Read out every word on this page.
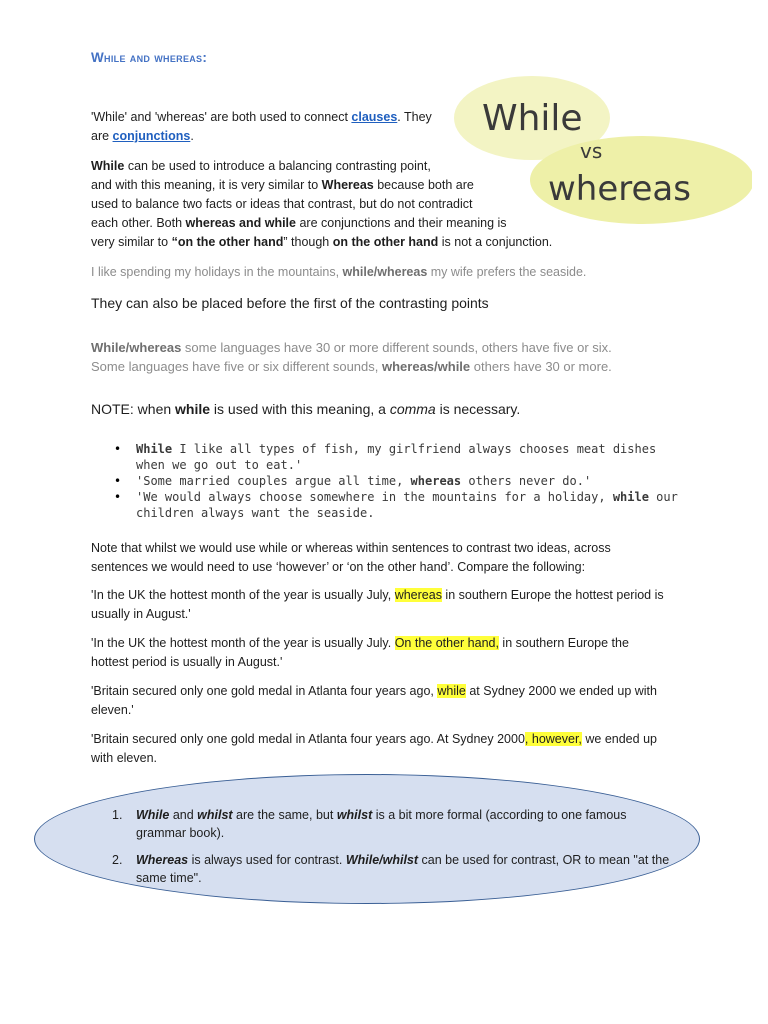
While and whereas:
While
vs
whereas
'While' and 'whereas' are both used to connect clauses. They
are conjunctions.
While can be used to introduce a balancing contrasting point,
and with this meaning, it is very similar to Whereas because both are
used to balance two facts or ideas that contrast, but do not contradict
each other. Both whereas and while are conjunctions and their meaning is
very similar to “on the other hand” though on the other hand is not a conjunction.
I like spending my holidays in the mountains, while/whereas my wife prefers the seaside.
They can also be placed before the first of the contrasting points
While/whereas some languages have 30 or more different sounds, others have five or six.
Some languages have five or six different sounds, whereas/while others have 30 or more.
NOTE: when while is used with this meaning, a comma is necessary.
• While I like all types of fish, my girlfriend always chooses meat dishes when we go out to eat.'
• 'Some married couples argue all time, whereas others never do.'
• 'We would always choose somewhere in the mountains for a holiday, while our children always want the seaside.
Note that whilst we would use while or whereas within sentences to contrast two ideas, across
sentences we would need to use ‘however’ or ‘on the other hand’. Compare the following:
'In the UK the hottest month of the year is usually July, whereas in southern Europe the hottest period is
usually in August.'
'In the UK the hottest month of the year is usually July. On the other hand, in southern Europe the
hottest period is usually in August.'
'Britain secured only one gold medal in Atlanta four years ago, while at Sydney 2000 we ended up with
eleven.'
'Britain secured only one gold medal in Atlanta four years ago. At Sydney 2000, however, we ended up
with eleven.
1. While and whilst are the same, but whilst is a bit more formal (according to one famous grammar book).
2. Whereas is always used for contrast. While/whilst can be used for contrast, OR to mean "at the same time".
